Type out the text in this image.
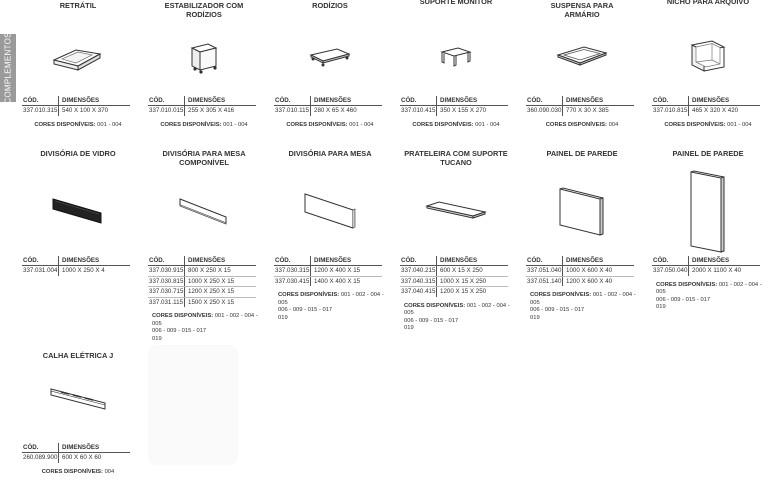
COMPLEMENTOS
RETRÁTIL
CÓD.	DIMENSÕES
337.010.315 540 X 100 X 370
CORES DISPONÍVEIS: 001 - 004
ESTABILIZADOR COM RODÍZIOS
CÓD.	DIMENSÕES
337.010.015 255 X 305 X 416
CORES DISPONÍVEIS: 001 - 004
RODÍZIOS
CÓD.	DIMENSÕES
337.010.115 280 X 65 X 460
CORES DISPONÍVEIS: 001 - 004
SUPORTE MONITOR
CÓD.	DIMENSÕES
337.010.415 350 X 155 X 270
CORES DISPONÍVEIS: 001 - 004
SUSPENSA PARA ARMÁRIO
CÓD.	DIMENSÕES
360.090.030 770 X 30 X 385
CORES DISPONÍVEIS: 004
NICHO PARA ARQUIVO
CÓD.	DIMENSÕES
337.010.815 465 X 320 X 420
CORES DISPONÍVEIS: 001 - 004
DIVISÓRIA DE VIDRO
CÓD.	DIMENSÕES
337.031.004 1000 X 250 X 4
DIVISÓRIA PARA MESA COMPONÍVEL
CÓD.	DIMENSÕES
337.030.915 800 X 250 X 15
337.030.815 1000 X 250 X 15
337.030.715 1200 X 250 X 15
337.031.115 1500 X 250 X 15
CORES DISPONÍVEIS: 001 - 002 - 004 - 005
006 - 009 - 015 - 017
019
DIVISÓRIA PARA MESA
CÓD.	DIMENSÕES
337.030.315 1200 X 400 X 15
337.030.415 1400 X 400 X 15
CORES DISPONÍVEIS: 001 - 002 - 004 - 005
006 - 009 - 015 - 017
019
PRATELEIRA COM SUPORTE TUCANO
CÓD.	DIMENSÕES
337.040.215 600 X 15 X 250
337.040.315 1000 X 15 X 250
337.040.415 1200 X 15 X 250
CORES DISPONÍVEIS: 001 - 002 - 004 - 005
006 - 009 - 015 - 017
019
PAINEL DE PAREDE
CÓD.	DIMENSÕES
337.051.040 1000 X 600 X 40
337.051.140 1200 X 600 X 40
CORES DISPONÍVEIS: 001 - 002 - 004 - 005
006 - 009 - 015 - 017
019
PAINEL DE PAREDE
CÓD.	DIMENSÕES
337.050.040 2000 X 1100 X 40
CORES DISPONÍVEIS: 001 - 002 - 004 - 005
006 - 009 - 015 - 017
019
CALHA ELÉTRICA J
CÓD.	DIMENSÕES
260.089.900 600 X 60 X 60
CORES DISPONÍVEIS: 004
